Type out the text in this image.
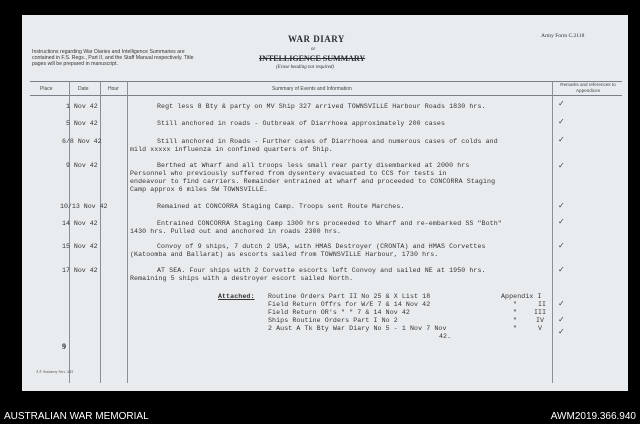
Instructions regarding War Diaries and Intelligence Summaries are contained in F.S. Regs., Part II, and the Staff Manual respectively. Title pages will be prepared in manuscript.
WAR DIARY
or
INTELLIGENCE SUMMARY
(Erase heading not required)
Army Form C.2118
Place	Date	Hour	Summary of Events and Information
Remarks and references to Appendices
1 Nov 42	Regt less 8 Bty & party on MV Ship 327 arrived TOWNSVILLE Harbour Roads 1830 hrs.	✓
5 Nov 42	Still anchored in roads - Outbreak of Diarrhoea approximately 200 cases	✓
6/8 Nov 42	Still anchored in Roads - Further cases of Diarrhoea and numerous cases of colds and
mild xxxxx influenza in confined quarters of Ship.
✓
9 Nov 42	Berthed at Wharf and all troops less small rear party disembarked at 2000 hrs
Personnel who previously suffered from dysentery evacuated to CCS for tests in
endeavour to find carriers. Remainder entrained at wharf and proceeded to CONCORRA Staging
Camp approx 6 miles SW TOWNSVILLE.
✓
10/13 Nov 42	Remained at CONCORRA Staging Camp. Troops sent Route Marches.	✓
14 Nov 42	Entrained CONCORRA Staging Camp 1300 hrs proceeded to Wharf and re-embarked SS "Both"
1430 hrs. Pulled out and anchored in roads 2300 hrs.
✓
15 Nov 42	Convoy of 9 ships, 7 dutch 2 USA, with HMAS Destroyer (CRONTA) and HMAS Corvettes
(Katoomba and Ballarat) as escorts sailed from TOWNSVILLE Harbour, 1730 hrs.
✓
17 Nov 42	AT SEA. Four ships with 2 Corvette escorts left Convoy and sailed NE at 1950 hrs.
Remaining 5 ships with a destroyer escort sailed North.
✓
Attached: Routine Orders Part II No 25 & X List 18	Appendix I
Field Return Offrs for W/E 7 & 14 Nov 42	"	II
Field Return OR's " " 7 & 14 Nov 42	"	III
Ships Routine Orders Part I No 2	"	IV
2 Aust A Tk Bty War Diary No 5 - 1 Nov 7 Nov	"	V
42.
✓
✓
✓
9
A.F. Stationery Serv. 4/42
AUSTRALIAN WAR MEMORIAL	AWM2019.366.940
